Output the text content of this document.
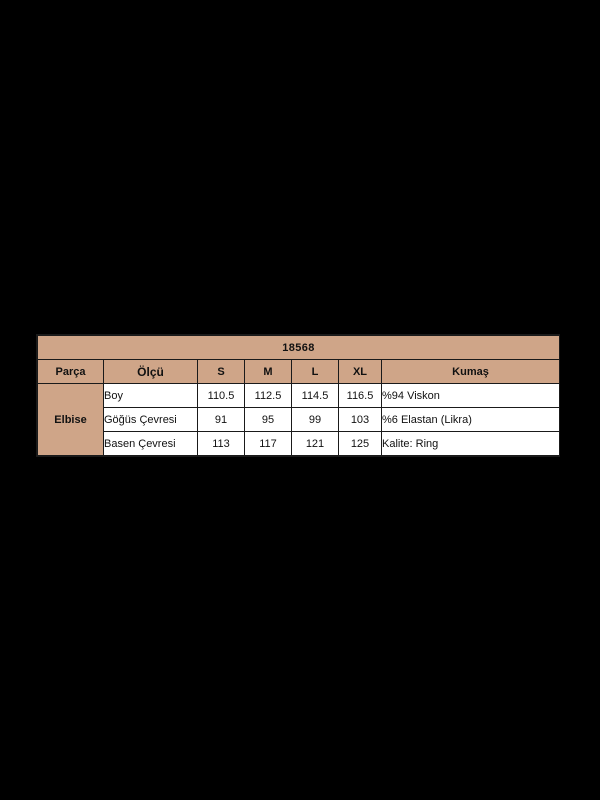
18568						
Parça	Ölçü	S	M	L	XL	Kumaş
Elbise	Boy	110.5	112.5	114.5	116.5	%94 Viskon
	Göğüs Çevresi	91	95	99	103	%6 Elastan (Likra)
	Basen Çevresi	113	117	121	125	Kalite: Ring
